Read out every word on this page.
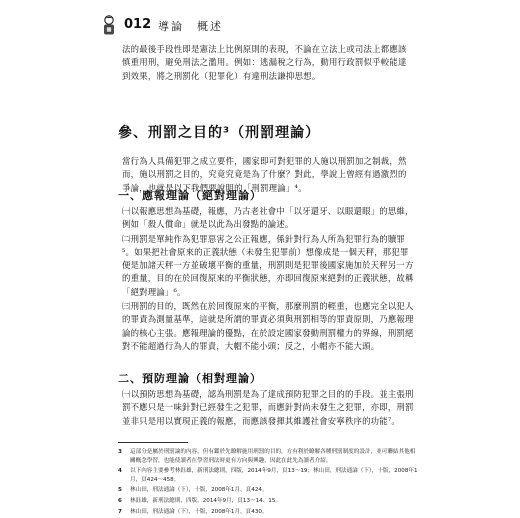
012 導論　概述

法的最後手段性即是憲法上比例原則的表現，不論在立法上或司法上都應該慎重用刑，避免刑法之濫用。例如：逃漏稅之行為，動用行政罰似乎較能達到效果，將之刑罰化（犯罪化）有違刑法謙抑思想。

參、刑罰之目的³（刑罰理論）

當行為人具備犯罪之成立要件，國家即可對犯罪的人施以刑罰加之制裁，然而，施以刑罰之目的，究竟究竟是為了什麼？對此，學說上曾經有過激烈的爭論，也就是以下我們要說明的「刑罰理論」⁴。

一、應報理論（絕對理論）

㈠以報應思想為基礎，報應，乃古老社會中「以牙還牙、以眼還眼」的思維，例如「殺人償命」就是以此為出發點的論述。

㈡刑罰是單純作為犯罪惡害之公正報應，係針對行為人所為犯罪行為的贖罪⁵。如果把社會原來的正義狀態（未發生犯罪前）想像成是一個天秤，那犯罪便是加諸天秤一方並破壞平衡的重量，刑罰則是犯罪後國家施加於天秤另一方的重量，目的在於回復原來的平衡狀態，亦即回復原來絕對的正義狀態，故稱「絕對理論」⁶。

㈢刑罰的目的，既然在於回復原來的平衡，那麼刑罰的輕重，也應完全以犯人的罪責為測量基準，這就是所謂的罪責必須與刑罰相等的罪責原則，乃應報理論的核心主張。應報理論的優點，在於設定國家發動刑罰權力的界線，刑罰絕對不能超過行為人的罪責，大帽不能小頭；反之，小帽亦不能大頭。

二、預防理論（相對理論）

㈠以預防思想為基礎，認為刑罰是為了達成預防犯罪之目的的手段。並主張刑罰不應只是一味針對已經發生之犯罪，而應針對尚未發生之犯罪，亦即，刑罰並非只是用以實現正義的報應，而應該發揮其維護社會安寧秩序的功能⁷。

3	這部分是屬於刑罰論的內容，但有鑑於先瞭解施用刑罰的目的，方有利於瞭解各種刑罰制度的設計，並可聯結其他相關概念學習，也能使讀者在學習刑法時更有方向與興趣，因此在此先為讀者介紹。
4	以下內容主要參考林鈺雄，新刑法總則，四版，2014年9月，頁13～19；林山田，刑法通論（下），十版，2008年1月，頁424～458。
5	林山田，刑法通論（下），十版，2008年1月，頁424。
6	林鈺雄，新刑法總則，四版，2014年9月，頁13～14、15。
7	林山田，刑法通論（下），十版，2008年1月，頁430。
